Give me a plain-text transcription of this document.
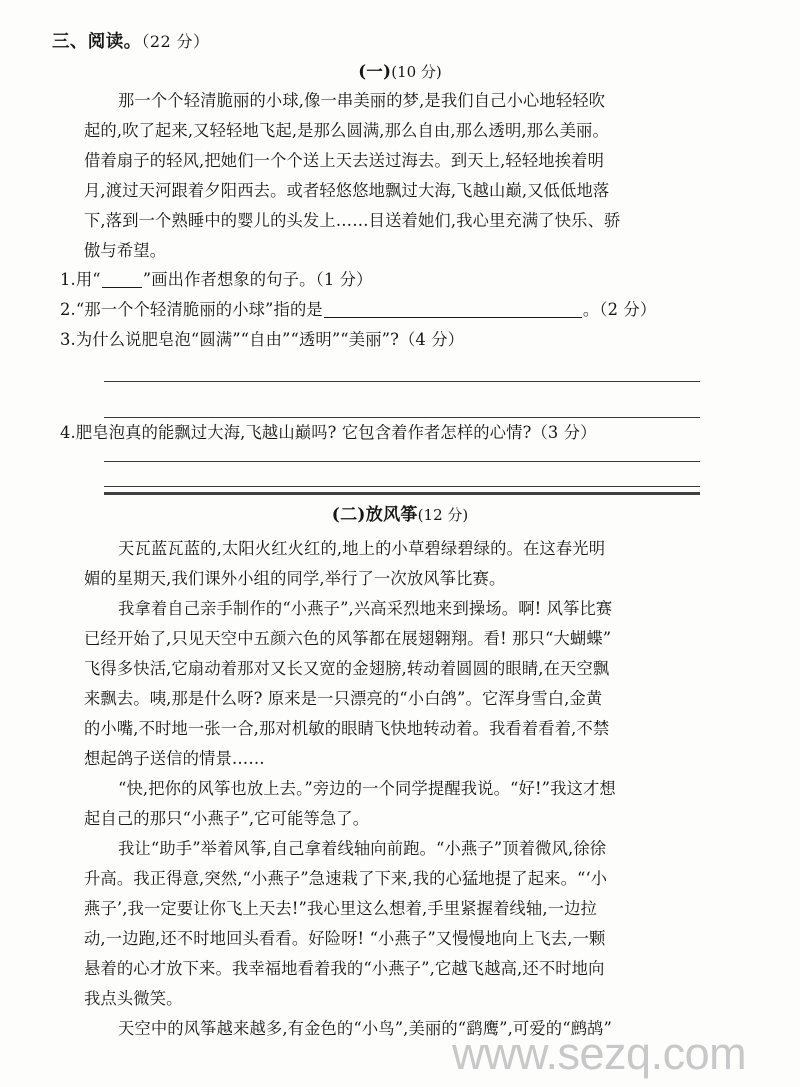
三、阅读。（22 分）
(一)(10 分)
那一个个轻清脆丽的小球,像一串美丽的梦,是我们自己小心地轻轻吹
起的,吹了起来,又轻轻地飞起,是那么圆满,那么自由,那么透明,那么美丽。
借着扇子的轻风,把她们一个个送上天去送过海去。到天上,轻轻地挨着明
月,渡过天河跟着夕阳西去。或者轻悠悠地飘过大海,飞越山巅,又低低地落
下,落到一个熟睡中的婴儿的头发上……目送着她们,我心里充满了快乐、骄
傲与希望。
1.用“	”画出作者想象的句子。（1 分）
2.“那一个个轻清脆丽的小球”指的是	。（2 分）
3.为什么说肥皂泡“圆满”“自由”“透明”“美丽”?（4 分）
4.肥皂泡真的能飘过大海,飞越山巅吗? 它包含着作者怎样的心情?（3 分）
(二)放风筝(12 分)
天瓦蓝瓦蓝的,太阳火红火红的,地上的小草碧绿碧绿的。在这春光明
媚的星期天,我们课外小组的同学,举行了一次放风筝比赛。
我拿着自己亲手制作的“小燕子”,兴高采烈地来到操场。啊! 风筝比赛
已经开始了,只见天空中五颜六色的风筝都在展翅翱翔。看! 那只“大蝴蝶”
飞得多快活,它扇动着那对又长又宽的金翅膀,转动着圆圆的眼睛,在天空飘
来飘去。咦,那是什么呀? 原来是一只漂亮的“小白鸽”。它浑身雪白,金黄
的小嘴,不时地一张一合,那对机敏的眼睛飞快地转动着。我看着看着,不禁
想起鸽子送信的情景……
“快,把你的风筝也放上去。”旁边的一个同学提醒我说。“好!”我这才想
起自己的那只“小燕子”,它可能等急了。
我让“助手”举着风筝,自己拿着线轴向前跑。“小燕子”顶着微风,徐徐
升高。我正得意,突然,“小燕子”急速栽了下来,我的心猛地提了起来。“‘小
燕子’,我一定要让你飞上天去!”我心里这么想着,手里紧握着线轴,一边拉
动,一边跑,还不时地回头看看。好险呀! “小燕子”又慢慢地向上飞去,一颗
悬着的心才放下来。我幸福地看着我的“小燕子”,它越飞越高,还不时地向
我点头微笑。
天空中的风筝越来越多,有金色的“小鸟”,美丽的“鹞鹰”,可爱的“鹧鸪”
www.sezq.com
